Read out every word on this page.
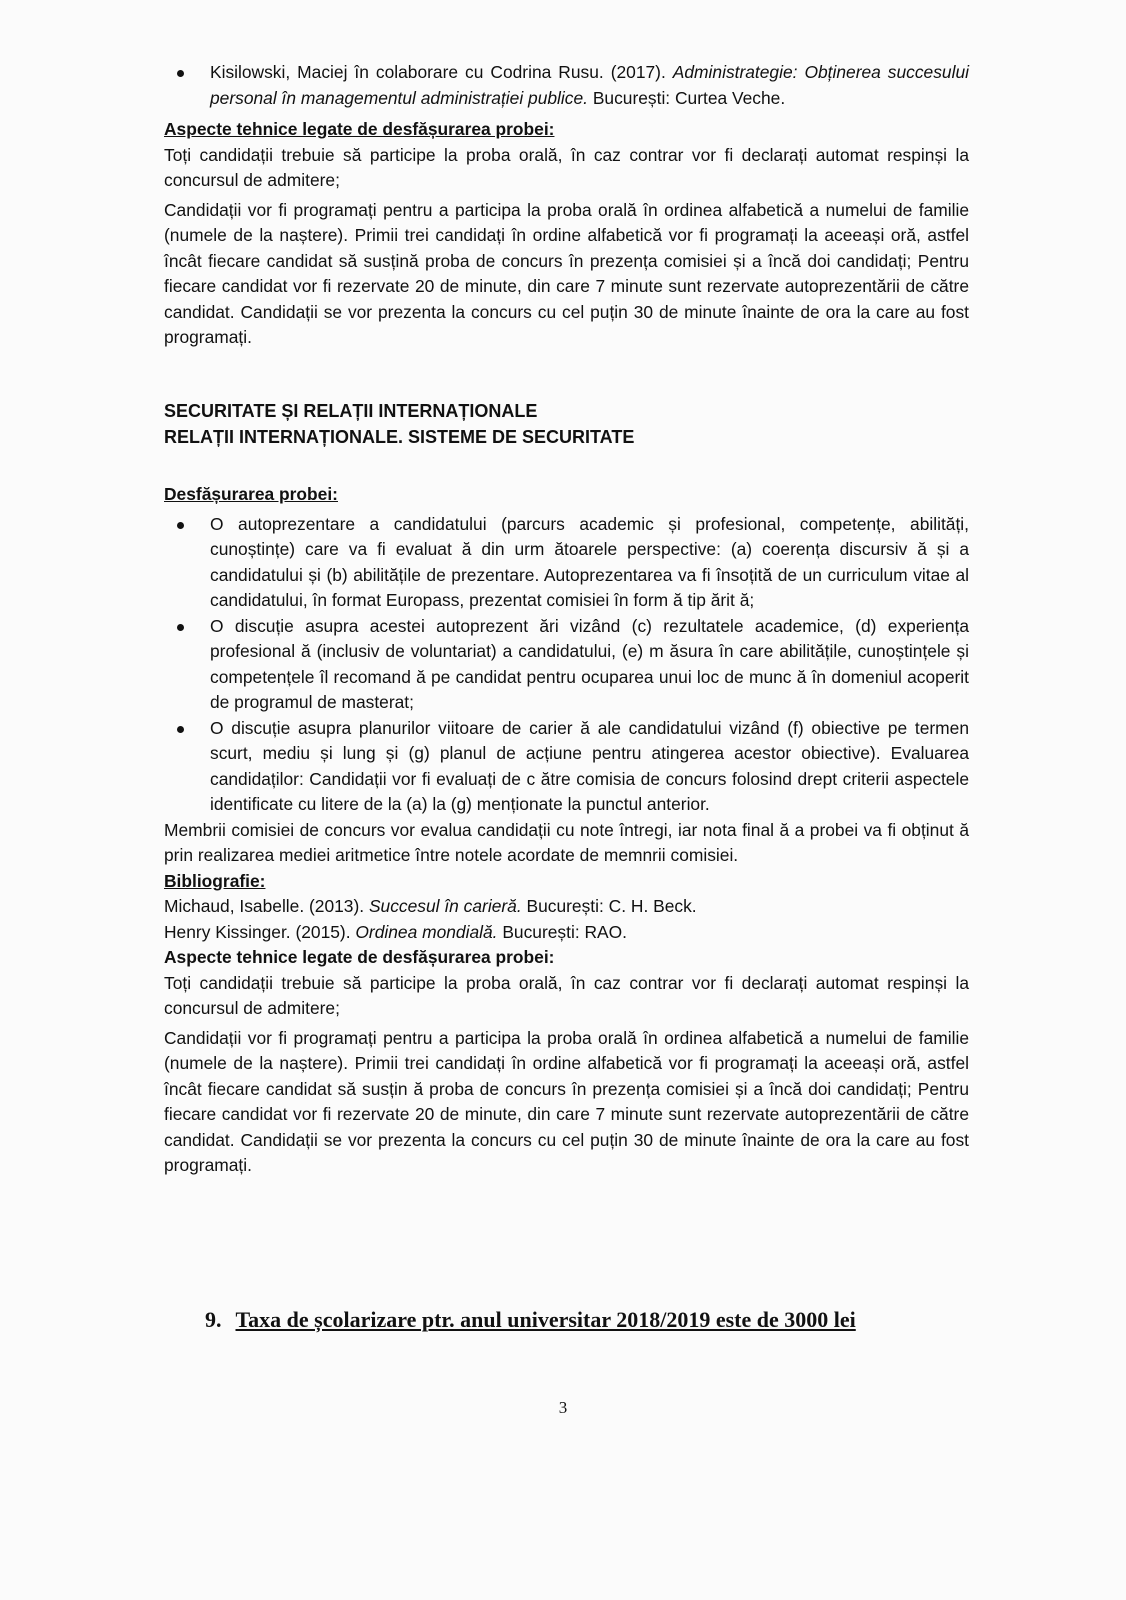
Kisilowski, Maciej în colaborare cu Codrina Rusu. (2017). Administrategie: Obținerea succesului personal în managementul administrației publice. București: Curtea Veche.

Aspecte tehnice legate de desfășurarea probei:

Toți candidații trebuie să participe la proba orală, în caz contrar vor fi declarați automat respinși la concursul de admitere;

Candidații vor fi programați pentru a participa la proba orală în ordinea alfabetică a numelui de familie (numele de la naștere). Primii trei candidați în ordine alfabetică vor fi programați la aceeași oră, astfel încât fiecare candidat să susțină proba de concurs în prezența comisiei și a încă doi candidați; Pentru fiecare candidat vor fi rezervate 20 de minute, din care 7 minute sunt rezervate autoprezentării de către candidat. Candidații se vor prezenta la concurs cu cel puțin 30 de minute înainte de ora la care au fost programați.

SECURITATE ȘI RELAȚII INTERNAȚIONALE

RELAȚII INTERNAȚIONALE. SISTEME DE SECURITATE

Desfășurarea probei:

O autoprezentare a candidatului (parcurs academic și profesional, competențe, abilități, cunoștințe) care va fi evaluat ă din urm ătoarele perspective: (a) coerența discursiv ă și a candidatului și (b) abilitățile de prezentare. Autoprezentarea va fi însoțită de un curriculum vitae al candidatului, în format Europass, prezentat comisiei în form ă tip ărit ă;
O discuție asupra acestei autoprezent ări vizând (c) rezultatele academice, (d) experiența profesional ă (inclusiv de voluntariat) a candidatului, (e) m ăsura în care abilitățile, cunoștințele și competențele îl recomand ă pe candidat pentru ocuparea unui loc de munc ă în domeniul acoperit de programul de masterat;
O discuție asupra planurilor viitoare de carier ă ale candidatului vizând (f) obiective pe termen scurt, mediu și lung și (g) planul de acțiune pentru atingerea acestor obiective). Evaluarea candidaților: Candidații vor fi evaluați de c ătre comisia de concurs folosind drept criterii aspectele identificate cu litere de la (a) la (g) menționate la punctul anterior.

Membrii comisiei de concurs vor evalua candidații cu note întregi, iar nota final ă a probei va fi obținut ă prin realizarea mediei aritmetice între notele acordate de memnrii comisiei.

Bibliografie:

Michaud, Isabelle. (2013). Succesul în carieră. București: C. H. Beck.

Henry Kissinger. (2015). Ordinea mondială. București: RAO.

Aspecte tehnice legate de desfășurarea probei:

Toți candidații trebuie să participe la proba orală, în caz contrar vor fi declarați automat respinși la concursul de admitere;

Candidații vor fi programați pentru a participa la proba orală în ordinea alfabetică a numelui de familie (numele de la naștere). Primii trei candidați în ordine alfabetică vor fi programați la aceeași oră, astfel încât fiecare candidat să susțin ă proba de concurs în prezența comisiei și a încă doi candidați; Pentru fiecare candidat vor fi rezervate 20 de minute, din care 7 minute sunt rezervate autoprezentării de către candidat. Candidații se vor prezenta la concurs cu cel puțin 30 de minute înainte de ora la care au fost programați.

9. Taxa de școlarizare ptr. anul universitar 2018/2019 este de 3000 lei
3
